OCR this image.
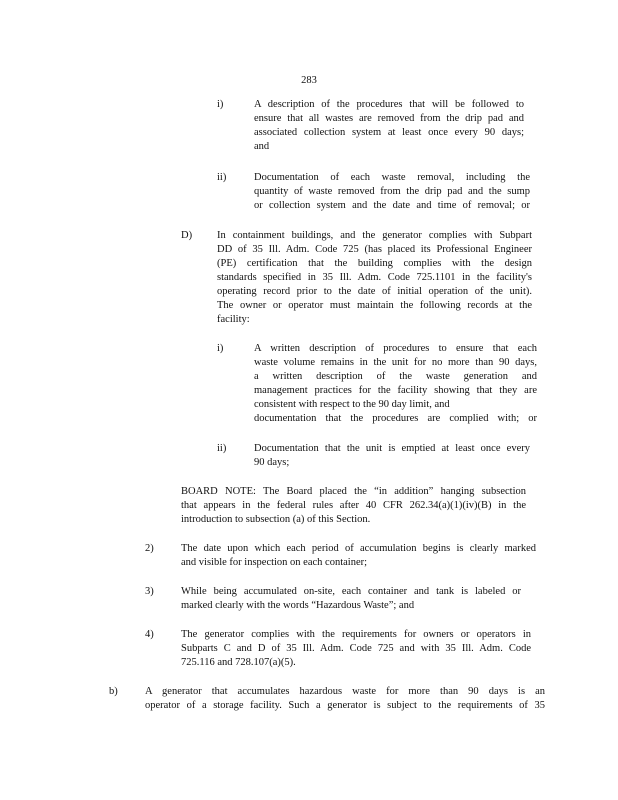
283
i)	A description of the procedures that will be followed to
ensure that all wastes are removed from the drip pad and
associated collection system at least once every 90 days;
and
ii)	Documentation of each waste removal, including the
quantity of waste removed from the drip pad and the sump
or collection system and the date and time of removal; or
D) In containment buildings, and the generator complies with Subpart
DD of 35 Ill. Adm. Code 725 (has placed its Professional Engineer
(PE) certification that the building complies with the design
standards specified in 35 Ill. Adm. Code 725.1101 in the facility's
operating record prior to the date of initial operation of the unit).
The owner or operator must maintain the following records at the
facility:
i)	A written description of procedures to ensure that each
waste volume remains in the unit for no more than 90 days,
a written description of the waste generation and
management practices for the facility showing that they are
consistent with respect to the 90 day limit, and
documentation that the procedures are complied with; or
ii)	Documentation that the unit is emptied at least once every
90 days;
BOARD NOTE: The Board placed the “in addition” hanging subsection
that appears in the federal rules after 40 CFR 262.34(a)(1)(iv)(B) in the
introduction to subsection (a) of this Section.
2)	The date upon which each period of accumulation begins is clearly marked
and visible for inspection on each container;
3)	While being accumulated on-site, each container and tank is labeled or
marked clearly with the words “Hazardous Waste”; and
4)	The generator complies with the requirements for owners or operators in
Subparts C and D of 35 Ill. Adm. Code 725 and with 35 Ill. Adm. Code
725.116 and 728.107(a)(5).
b)	A generator that accumulates hazardous waste for more than 90 days is an
operator of a storage facility. Such a generator is subject to the requirements of 35
